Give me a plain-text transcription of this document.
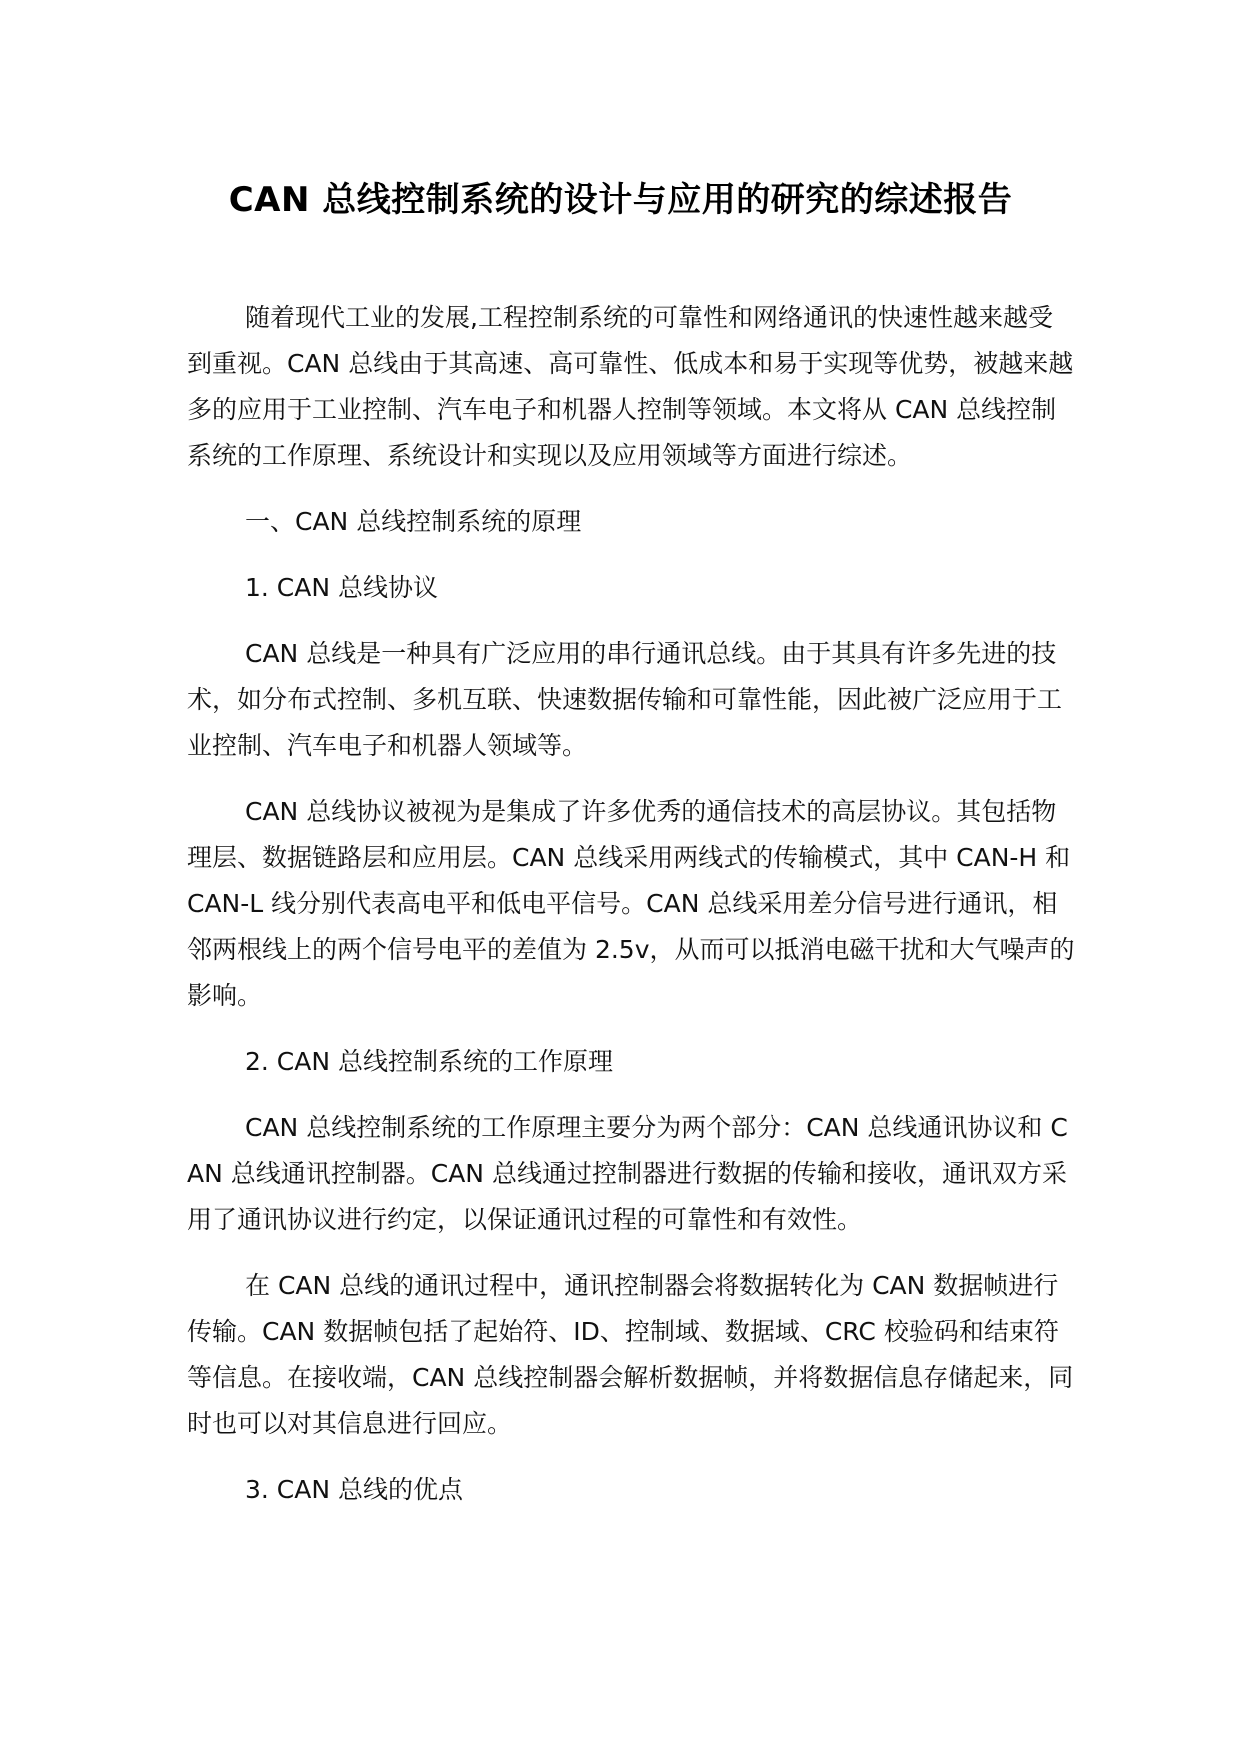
CAN 总线控制系统的设计与应用的研究的综述报告

随着现代工业的发展,工程控制系统的可靠性和网络通讯的快速性越来越受到重视。CAN 总线由于其高速、高可靠性、低成本和易于实现等优势，被越来越多的应用于工业控制、汽车电子和机器人控制等领域。本文将从 CAN 总线控制系统的工作原理、系统设计和实现以及应用领域等方面进行综述。

一、CAN 总线控制系统的原理

1. CAN 总线协议

CAN 总线是一种具有广泛应用的串行通讯总线。由于其具有许多先进的技术，如分布式控制、多机互联、快速数据传输和可靠性能，因此被广泛应用于工业控制、汽车电子和机器人领域等。

CAN 总线协议被视为是集成了许多优秀的通信技术的高层协议。其包括物理层、数据链路层和应用层。CAN 总线采用两线式的传输模式，其中 CAN-H 和 CAN-L 线分别代表高电平和低电平信号。CAN 总线采用差分信号进行通讯，相邻两根线上的两个信号电平的差值为 2.5v，从而可以抵消电磁干扰和大气噪声的影响。

2. CAN 总线控制系统的工作原理

CAN 总线控制系统的工作原理主要分为两个部分：CAN 总线通讯协议和 CAN 总线通讯控制器。CAN 总线通过控制器进行数据的传输和接收，通讯双方采用了通讯协议进行约定，以保证通讯过程的可靠性和有效性。

在 CAN 总线的通讯过程中，通讯控制器会将数据转化为 CAN 数据帧进行传输。CAN 数据帧包括了起始符、ID、控制域、数据域、CRC 校验码和结束符等信息。在接收端，CAN 总线控制器会解析数据帧，并将数据信息存储起来，同时也可以对其信息进行回应。

3. CAN 总线的优点
